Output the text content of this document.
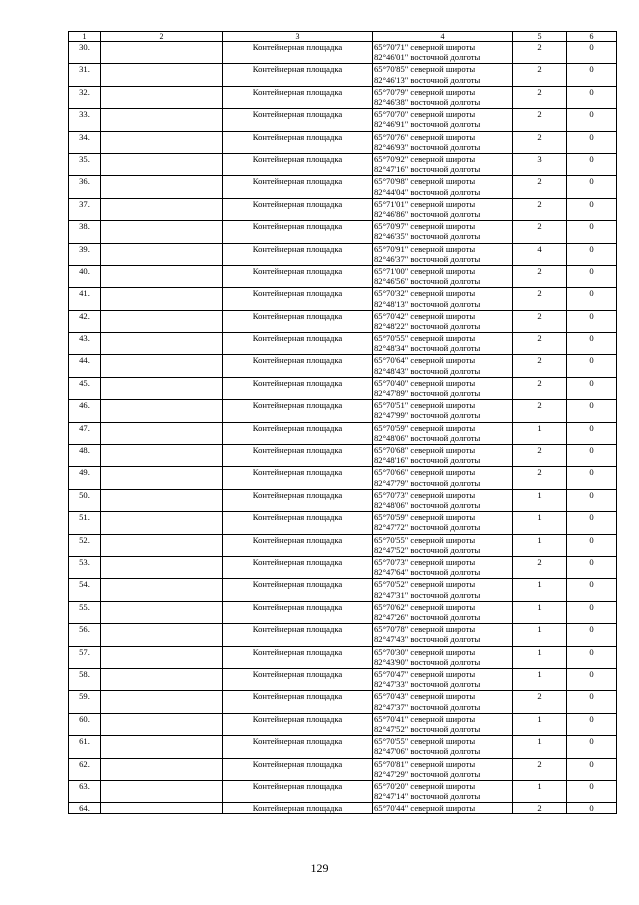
1	2	3	4	5	6
30.		Контейнерная площадка	65°70'71" северной широты
82°46'01" восточной долготы	2	0
31.		Контейнерная площадка	65°70'85" северной широты
82°46'13" восточной долготы	2	0
32.		Контейнерная площадка	65°70'79" северной широты
82°46'38" восточной долготы	2	0
33.		Контейнерная площадка	65°70'70" северной широты
82°46'91" восточной долготы	2	0
34.		Контейнерная площадка	65°70'76" северной широты
82°46'93" восточной долготы	2	0
35.		Контейнерная площадка	65°70'92" северной широты
82°47'16" восточной долготы	3	0
36.		Контейнерная площадка	65°70'98" северной широты
82°44'04" восточной долготы	2	0
37.		Контейнерная площадка	65°71'01" северной широты
82°46'86" восточной долготы	2	0
38.		Контейнерная площадка	65°70'97" северной широты
82°46'35" восточной долготы	2	0
39.		Контейнерная площадка	65°70'91" северной широты
82°46'37" восточной долготы	4	0
40.		Контейнерная площадка	65°71'00" северной широты
82°46'56" восточной долготы	2	0
41.		Контейнерная площадка	65°70'32" северной широты
82°48'13" восточной долготы	2	0
42.		Контейнерная площадка	65°70'42" северной широты
82°48'22" восточной долготы	2	0
43.		Контейнерная площадка	65°70'55" северной широты
82°48'34" восточной долготы	2	0
44.		Контейнерная площадка	65°70'64" северной широты
82°48'43" восточной долготы	2	0
45.		Контейнерная площадка	65°70'40" северной широты
82°47'89" восточной долготы	2	0
46.		Контейнерная площадка	65°70'51" северной широты
82°47'99" восточной долготы	2	0
47.		Контейнерная площадка	65°70'59" северной широты
82°48'06" восточной долготы	1	0
48.		Контейнерная площадка	65°70'68" северной широты
82°48'16" восточной долготы	2	0
49.		Контейнерная площадка	65°70'66" северной широты
82°47'79" восточной долготы	2	0
50.		Контейнерная площадка	65°70'73" северной широты
82°48'06" восточной долготы	1	0
51.		Контейнерная площадка	65°70'59" северной широты
82°47'72" восточной долготы	1	0
52.		Контейнерная площадка	65°70'55" северной широты
82°47'52" восточной долготы	1	0
53.		Контейнерная площадка	65°70'73" северной широты
82°47'64" восточной долготы	2	0
54.		Контейнерная площадка	65°70'52" северной широты
82°47'31" восточной долготы	1	0
55.		Контейнерная площадка	65°70'62" северной широты
82°47'26" восточной долготы	1	0
56.		Контейнерная площадка	65°70'78" северной широты
82°47'43" восточной долготы	1	0
57.		Контейнерная площадка	65°70'30" северной широты
82°43'90" восточной долготы	1	0
58.		Контейнерная площадка	65°70'47" северной широты
82°47'33" восточной долготы	1	0
59.		Контейнерная площадка	65°70'43" северной широты
82°47'37" восточной долготы	2	0
60.		Контейнерная площадка	65°70'41" северной широты
82°47'52" восточной долготы	1	0
61.		Контейнерная площадка	65°70'55" северной широты
82°47'06" восточной долготы	1	0
62.		Контейнерная площадка	65°70'81" северной широты
82°47'29" восточной долготы	2	0
63.		Контейнерная площадка	65°70'20" северной широты
82°47'14" восточной долготы	1	0
64.		Контейнерная площадка	65°70'44" северной широты	2	0
129
